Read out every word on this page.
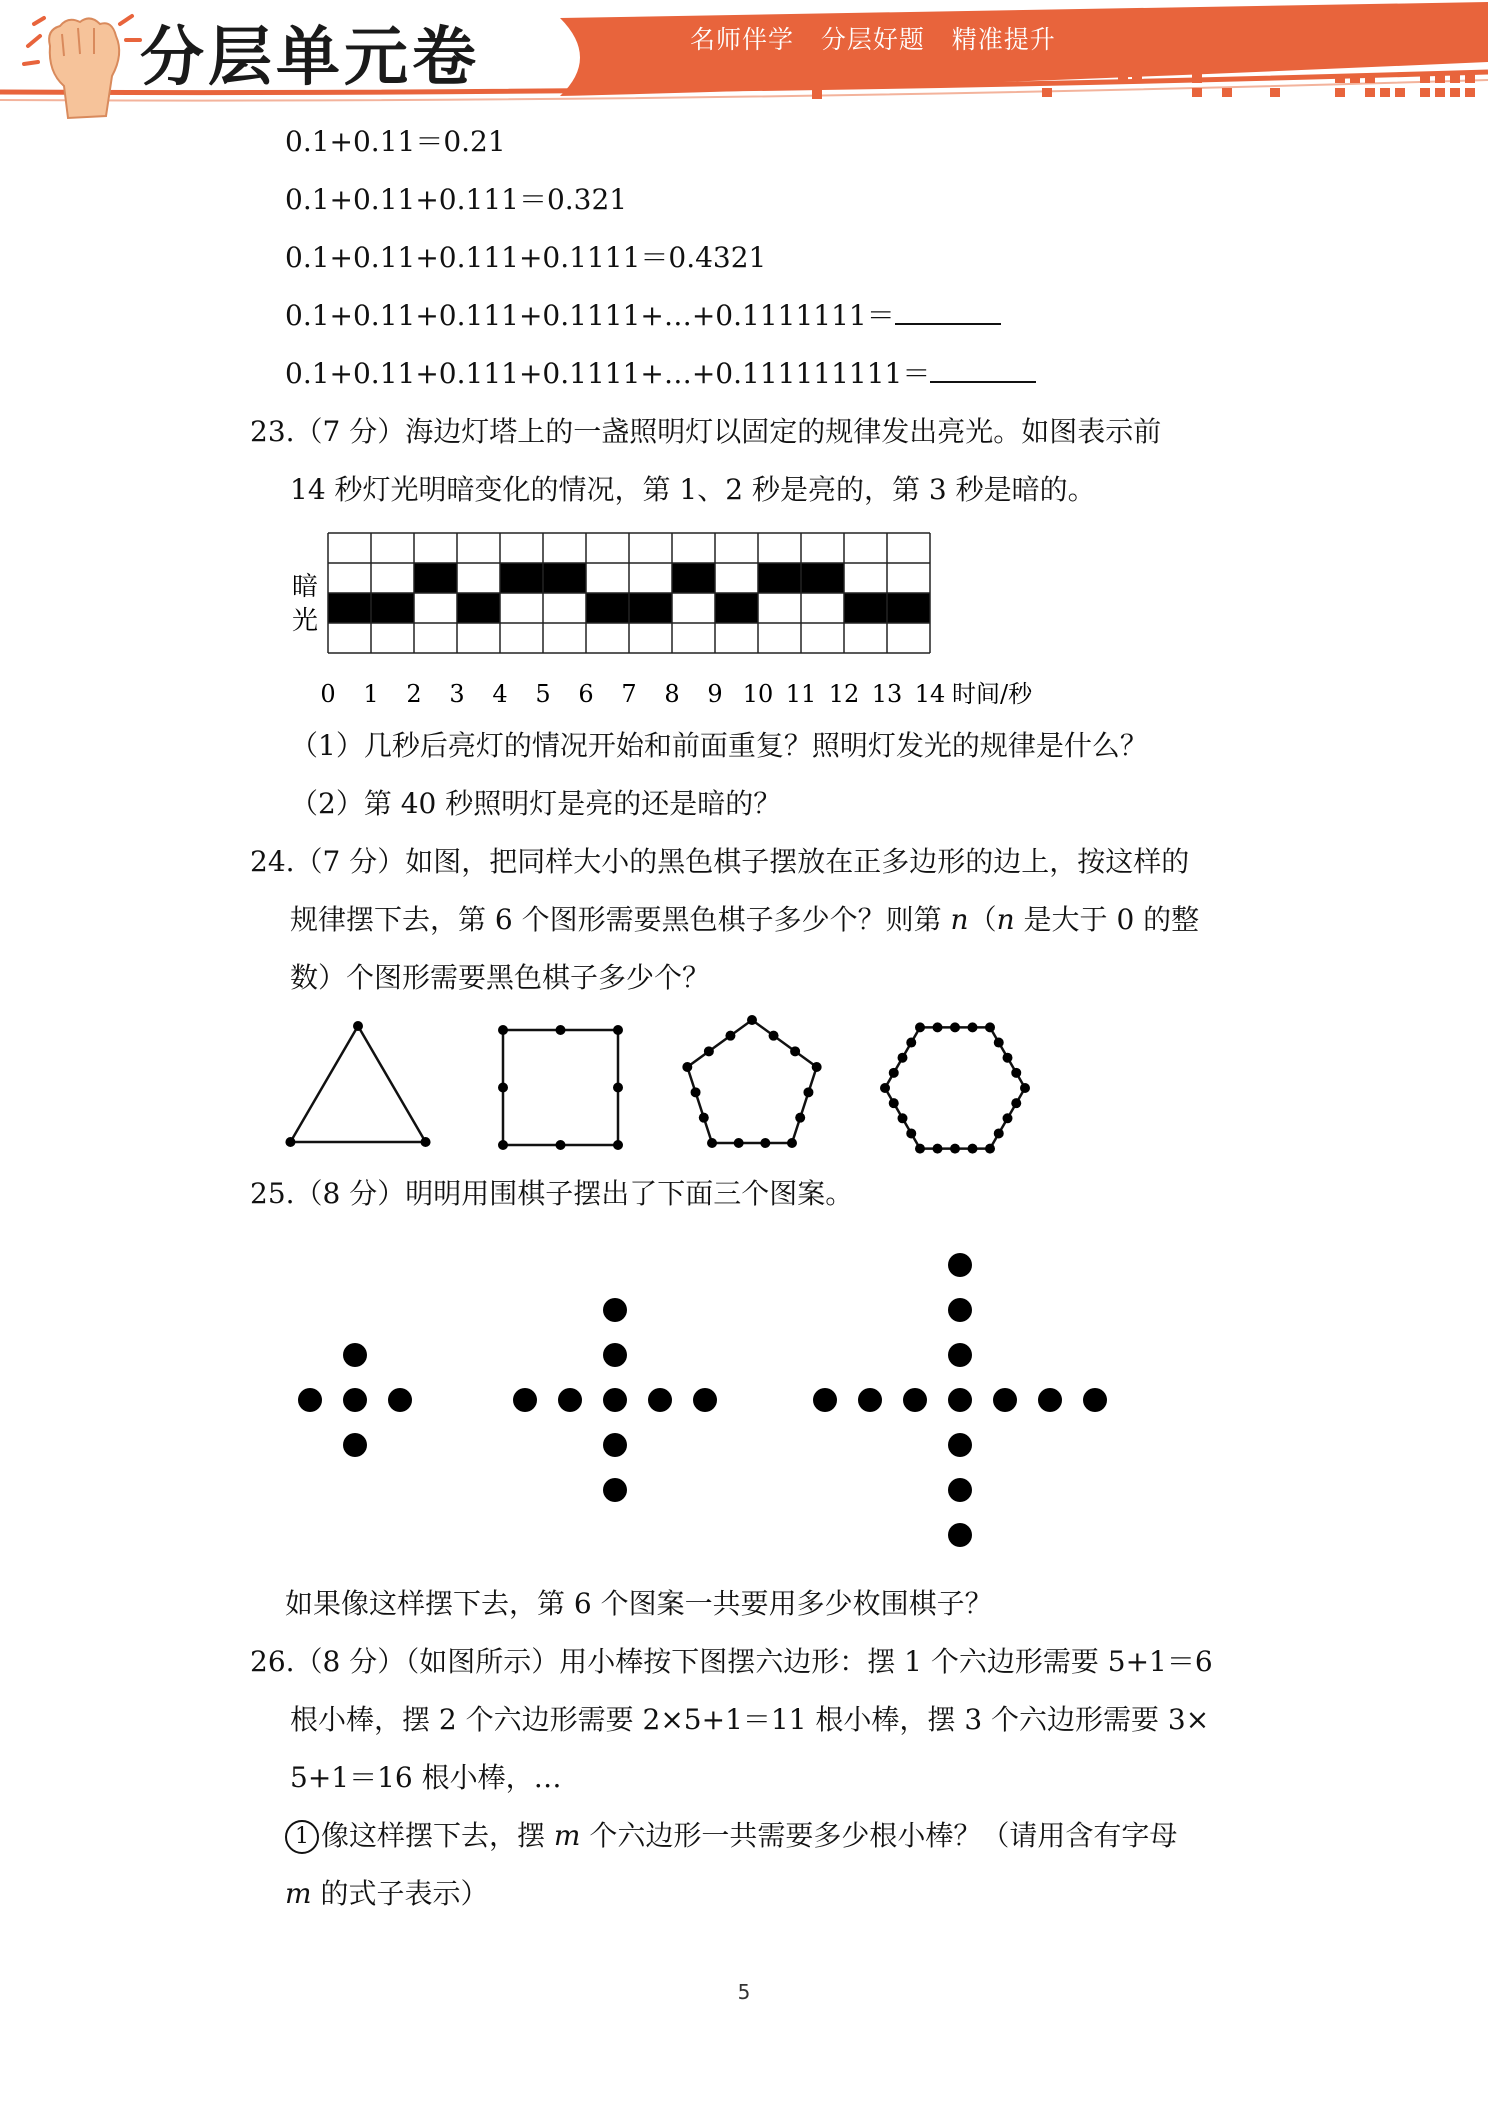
分层单元卷	名师伴学 分层好题 精准提升
0.1+0.11＝0.21
0.1+0.11+0.111＝0.321
0.1+0.11+0.111+0.1111＝0.4321
0.1+0.11+0.111+0.1111+…+0.1111111＝
0.1+0.11+0.111+0.1111+…+0.111111111＝
23.（7 分）海边灯塔上的一盏照明灯以固定的规律发出亮光。如图表示前
14 秒灯光明暗变化的情况，第 1、2 秒是亮的，第 3 秒是暗的。
暗
光
0 1 2 3 4 5 6 7 8 9 10 11 12 13 14 时间/秒
（1）几秒后亮灯的情况开始和前面重复？照明灯发光的规律是什么？
（2）第 40 秒照明灯是亮的还是暗的？
24.（7 分）如图，把同样大小的黑色棋子摆放在正多边形的边上，按这样的
规律摆下去，第 6 个图形需要黑色棋子多少个？则第 n（n 是大于 0 的整
数）个图形需要黑色棋子多少个？
25.（8 分）明明用围棋子摆出了下面三个图案。
如果像这样摆下去，第 6 个图案一共要用多少枚围棋子？
26.（8 分）（如图所示）用小棒按下图摆六边形：摆 1 个六边形需要 5+1＝6
根小棒，摆 2 个六边形需要 2×5+1＝11 根小棒，摆 3 个六边形需要 3×
5+1＝16 根小棒，…
1 像这样摆下去，摆 m 个六边形一共需要多少根小棒？（请用含有字母
m 的式子表示）
5
